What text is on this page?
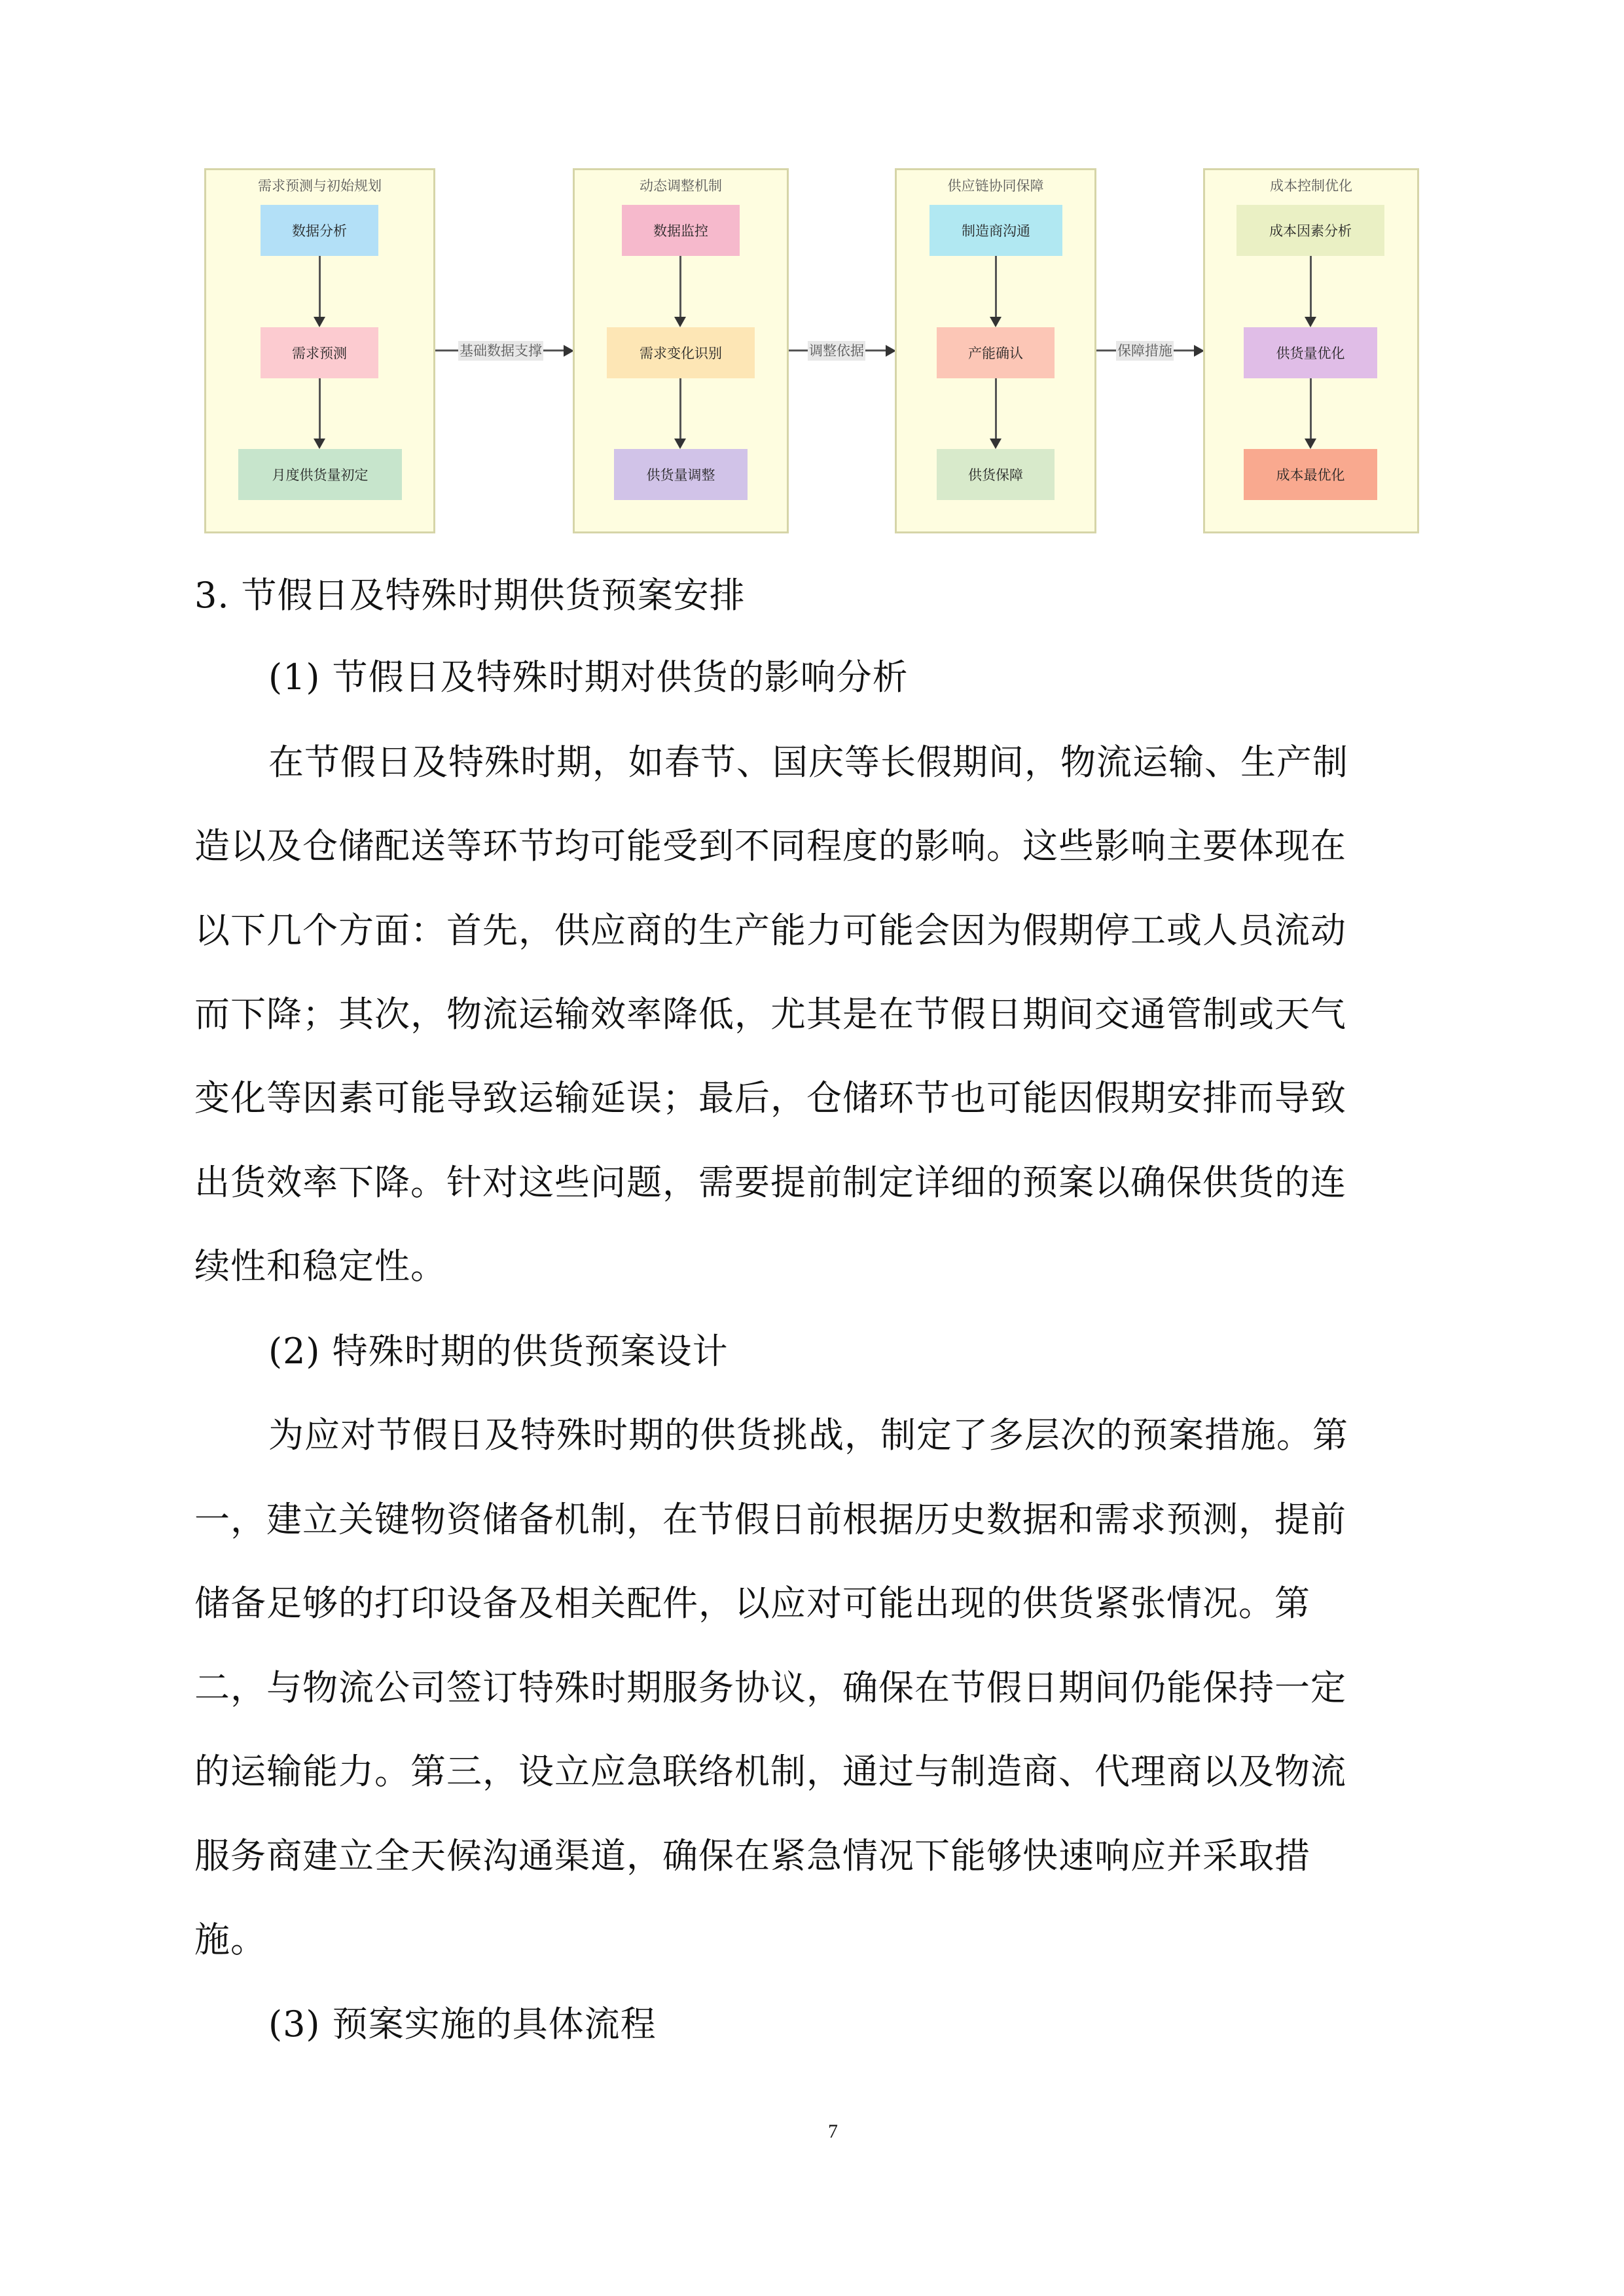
需求预测与初始规划
数据分析
需求预测
月度供货量初定
基础数据支撑
动态调整机制
数据监控
需求变化识别
供货量调整
调整依据
供应链协同保障
制造商沟通
产能确认
供货保障
保障措施
成本控制优化
成本因素分析
供货量优化
成本最优化
3. 节假日及特殊时期供货预案安排
(1) 节假日及特殊时期对供货的影响分析
在节假日及特殊时期，如春节、国庆等长假期间，物流运输、生产制
造以及仓储配送等环节均可能受到不同程度的影响。这些影响主要体现在
以下几个方面：首先，供应商的生产能力可能会因为假期停工或人员流动
而下降；其次，物流运输效率降低，尤其是在节假日期间交通管制或天气
变化等因素可能导致运输延误；最后，仓储环节也可能因假期安排而导致
出货效率下降。针对这些问题，需要提前制定详细的预案以确保供货的连
续性和稳定性。
(2) 特殊时期的供货预案设计
为应对节假日及特殊时期的供货挑战，制定了多层次的预案措施。第
一，建立关键物资储备机制，在节假日前根据历史数据和需求预测，提前
储备足够的打印设备及相关配件，以应对可能出现的供货紧张情况。第
二，与物流公司签订特殊时期服务协议，确保在节假日期间仍能保持一定
的运输能力。第三，设立应急联络机制，通过与制造商、代理商以及物流
服务商建立全天候沟通渠道，确保在紧急情况下能够快速响应并采取措
施。
(3) 预案实施的具体流程
7
